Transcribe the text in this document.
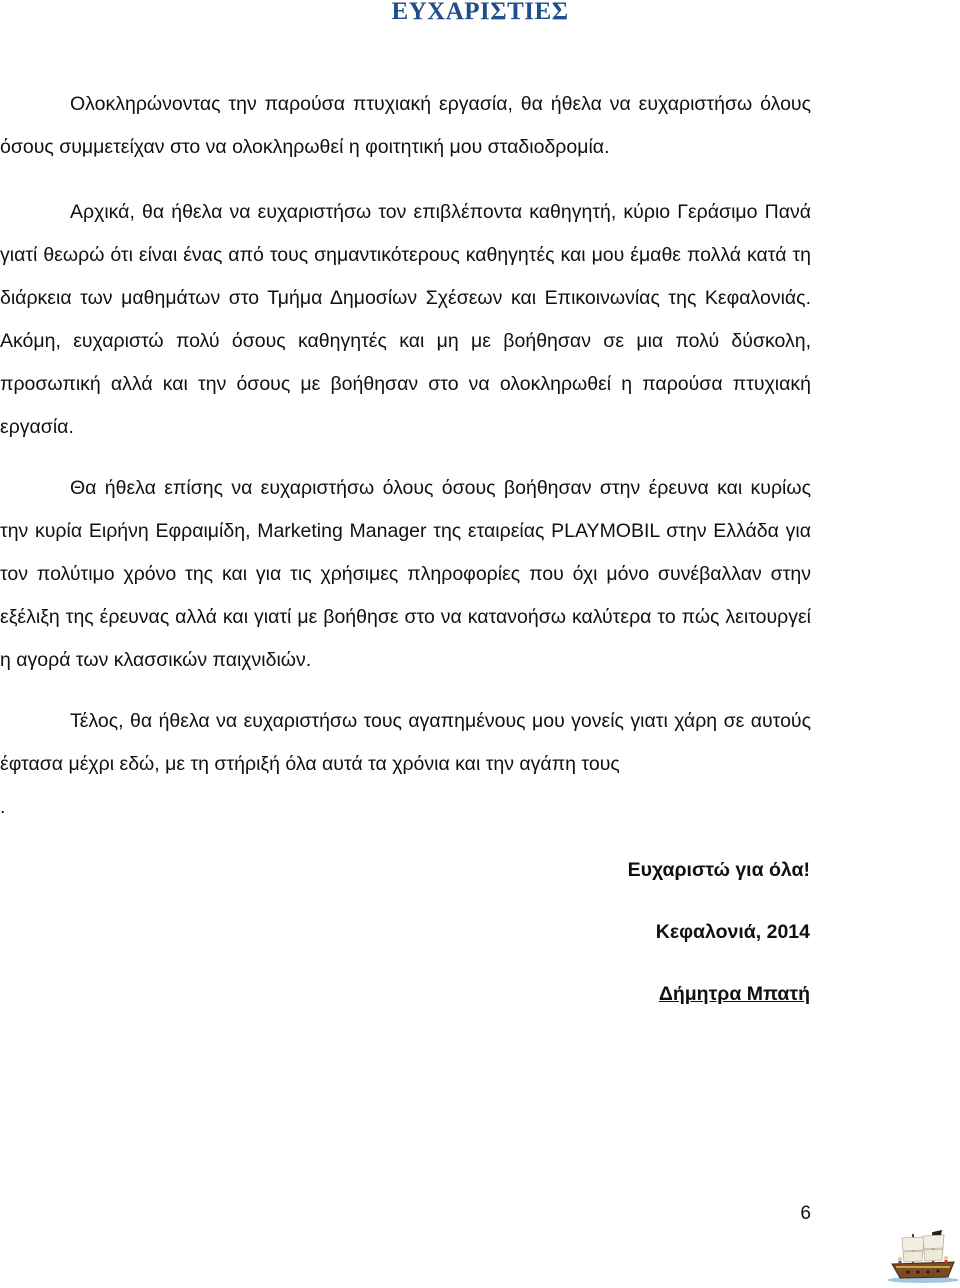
ΕΥΧΑΡΙΣΤΙΕΣ

Ολοκληρώνοντας την παρούσα πτυχιακή εργασία, θα ήθελα να ευχαριστήσω όλους όσους συμμετείχαν στο να ολοκληρωθεί η φοιτητική μου σταδιοδρομία.

Αρχικά, θα ήθελα να ευχαριστήσω τον επιβλέποντα καθηγητή, κύριο Γεράσιμο Πανά γιατί θεωρώ ότι είναι ένας από τους σημαντικότερους καθηγητές και μου έμαθε πολλά κατά τη διάρκεια των μαθημάτων στο Τμήμα Δημοσίων Σχέσεων και Επικοινωνίας της Κεφαλονιάς. Ακόμη, ευχαριστώ πολύ όσους καθηγητές και μη με βοήθησαν σε μια πολύ δύσκολη, προσωπική αλλά και την όσους με βοήθησαν στο να ολοκληρωθεί η παρούσα πτυχιακή εργασία.

Θα ήθελα επίσης να ευχαριστήσω όλους όσους βοήθησαν στην έρευνα και κυρίως την κυρία Ειρήνη Εφραιμίδη, Marketing Manager της εταιρείας PLAYMOBIL στην Ελλάδα για τον πολύτιμο χρόνο της και για τις χρήσιμες πληροφορίες που όχι μόνο συνέβαλλαν στην εξέλιξη της έρευνας αλλά και γιατί με βοήθησε στο να κατανοήσω καλύτερα το πώς λειτουργεί η αγορά των κλασσικών παιχνιδιών.

Τέλος, θα ήθελα να ευχαριστήσω τους αγαπημένους μου γονείς γιατι χάρη σε αυτούς έφτασα μέχρι εδώ, με τη στήριξή όλα αυτά τα χρόνια και την αγάπη τους

.
Ευχαριστώ για όλα!
Κεφαλονιά, 2014
Δήμητρα Μπατή
6
